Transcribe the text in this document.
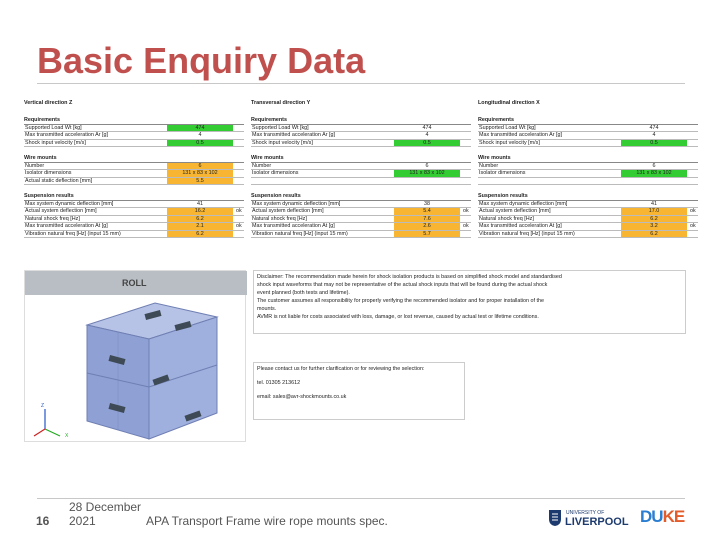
Basic Enquiry Data
Vertical direction Z
Requirements
Supported Load Wt [kg]	474
Max transmitted acceleration Ar [g]	4
Shock input velocity [m/s]	0.5
Wire mounts
Number	6
Isolator dimensions	131 x 83 x 102
Actual static deflection [mm]	5.5
Suspension results
Max system dynamic deflection [mm]	41
Actual system deflection [mm]	16.2	ok
Natural shock freq [Hz]	6.2
Max transmitted acceleration At [g]	2.1	ok
Vibration natural freq [Hz] (input 15 mm)	6.2
Transversal direction Y
Requirements
Supported Load Wt [kg]	474
Max transmitted acceleration Ar [g]	4
Shock input velocity [m/s]	0.5
Wire mounts
Number	6
Isolator dimensions	131 x 83 x 102
Suspension results
Max system dynamic deflection [mm]	38
Actual system deflection [mm]	5.4	ok
Natural shock freq [Hz]	7.6
Max transmitted acceleration At [g]	2.6	ok
Vibration natural freq [Hz] (input 15 mm)	5.7
Longitudinal direction X
Requirements
Supported Load Wt [kg]	474
Max transmitted acceleration Ar [g]	4
Shock input velocity [m/s]	0.5
Wire mounts
Number	6
Isolator dimensions	131 x 83 x 102
Suspension results
Max system dynamic deflection [mm]	41
Actual system deflection [mm]	17.0	ok
Natural shock freq [Hz]	6.2
Max transmitted acceleration At [g]	3.2	ok
Vibration natural freq [Hz] (input 15 mm)	6.2
ROLL
Z
X
Disclaimer: The recommendation made herein for shock isolation products is based on simplified shock model and standardised
shock input waveforms that may not be representative of the actual shock inputs that will be found during the actual shock
event planned (both tests and lifetime).
The customer assumes all responsibility for properly verifying the recommended isolator and for proper installation of the
mounts.
AVMR is not liable for costs associated with loss, damage, or lost revenue, caused by actual test or lifetime conditions.

Please contact us for further clarification or for reviewing the selection:

tel. 01305 213612

email: sales@avr-shockmounts.co.uk

16
28 December 2021	APA Transport Frame wire rope mounts spec.
UNIVERSITY OF
LIVERPOOL DUKE
